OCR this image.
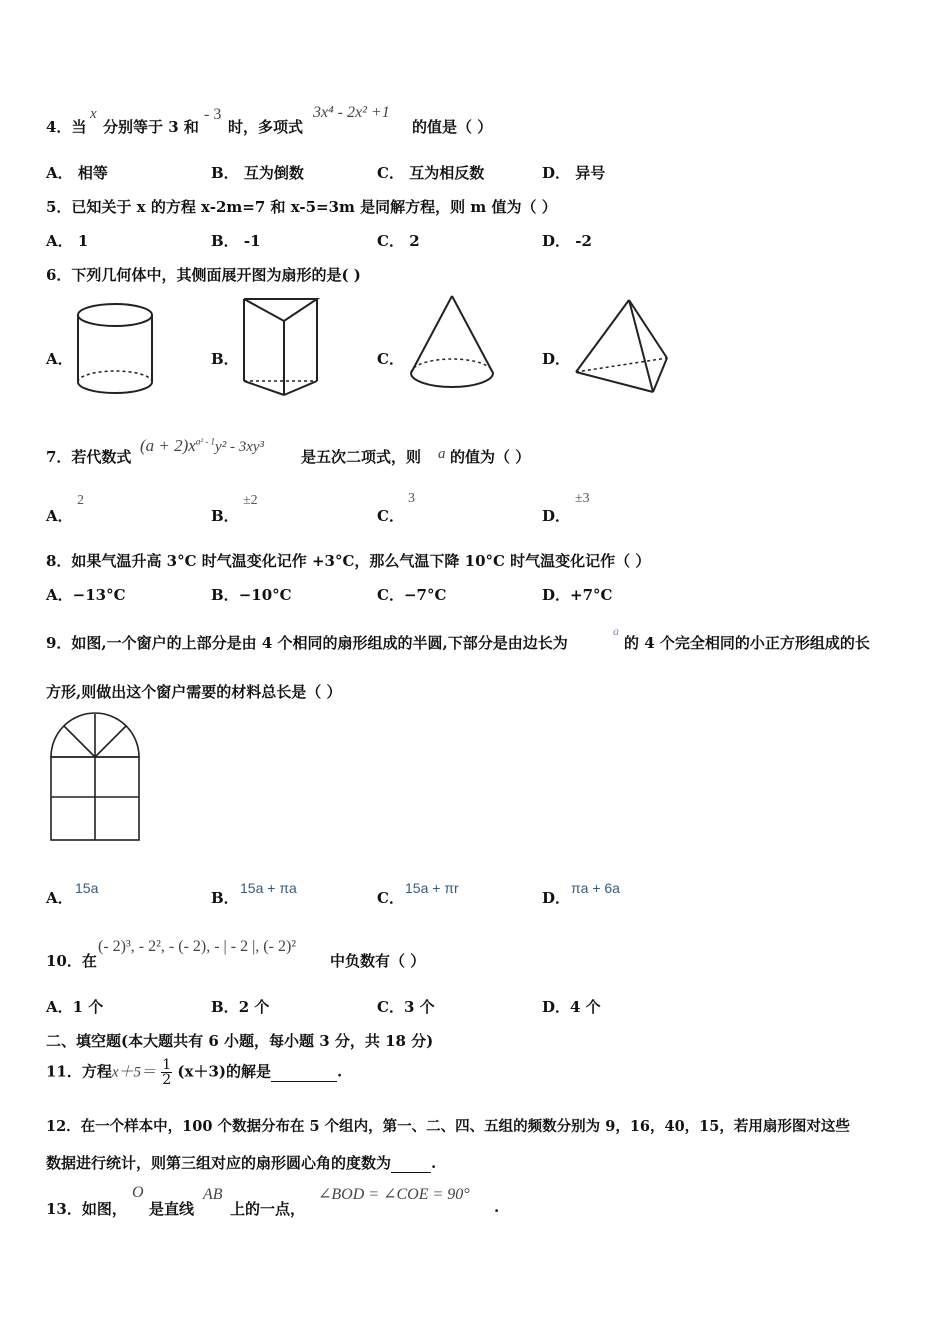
4．当
x
分别等于 3 和
- 3
时，多项式
3x⁴ - 2x² +1
的值是（ ）
A． 相等	B． 互为倒数	C． 互为相反数	D． 异号
5．已知关于 x 的方程 x-2m=7 和 x-5=3m 是同解方程，则 m 值为（ ）
A． 1	B． -1	C． 2	D． -2
6．下列几何体中，其侧面展开图为扇形的是( )
A．	B．	C．	D．
7．若代数式
$(a + 2)x^{a^2 - 1}y^2 - 3xy^3$
是五次二项式，则 a 的值为（ ）
A．
2
B．
±2
C．
3
D．
±3
8．如果气温升高 3°C 时气温变化记作 +3°C，那么气温下降 10°C 时气温变化记作（ ）
A．−13°C	B．−10°C	C．−7°C	D．+7°C
9．如图,一个窗户的上部分是由 4 个相同的扇形组成的半圆,下部分是由边长为
a
的 4 个完全相同的小正方形组成的长
方形,则做出这个窗户需要的材料总长是（ ）
A．
15a
B．
15a + πa
C．
15a + πr
D．
πa + 6a
10．在
(- 2)³, - 2², - (- 2), - | - 2 |, (- 2)²
中负数有（ ）
A．1 个	B．2 个	C．3 个	D．4 个
二、填空题(本大题共有 6 小题，每小题 3 分，共 18 分)
11．方程$x+5= \frac{1}{2} (x+3)$的解是	.
12．在一个样本中，100 个数据分布在 5 个组内，第一、二、四、五组的频数分别为 9，16，40，15，若用扇形图对这些
数据进行统计，则第三组对应的扇形圆心角的度数为	.
13．如图，
O
是直线
AB
上的一点，
∠BOD = ∠COE = 90°
.
